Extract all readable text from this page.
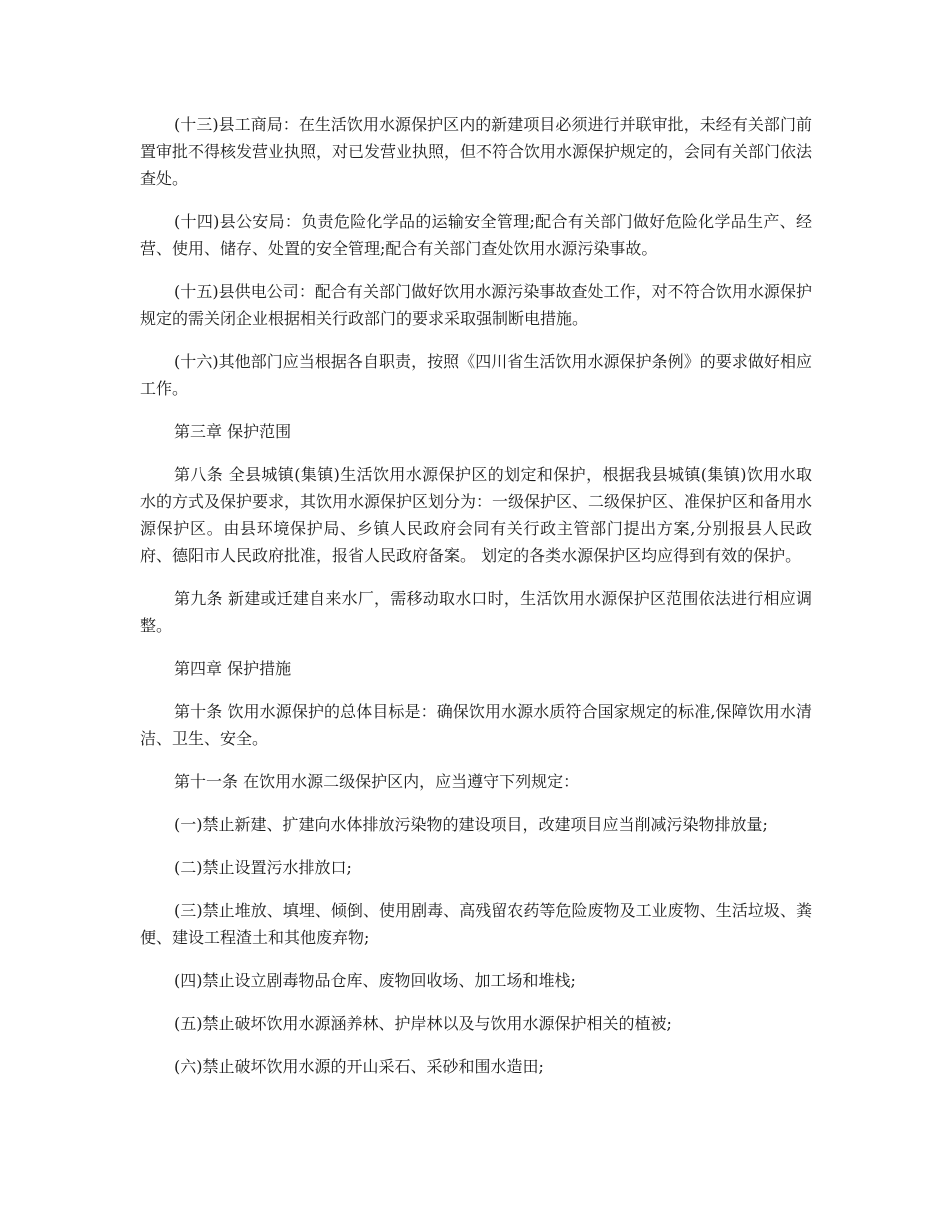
(十三)县工商局：在生活饮用水源保护区内的新建项目必须进行并联审批，未经有关部门前置审批不得核发营业执照，对已发营业执照，但不符合饮用水源保护规定的，会同有关部门依法查处。

(十四)县公安局：负责危险化学品的运输安全管理;配合有关部门做好危险化学品生产、经营、使用、储存、处置的安全管理;配合有关部门查处饮用水源污染事故。

(十五)县供电公司：配合有关部门做好饮用水源污染事故查处工作，对不符合饮用水源保护规定的需关闭企业根据相关行政部门的要求采取强制断电措施。

(十六)其他部门应当根据各自职责，按照《四川省生活饮用水源保护条例》的要求做好相应工作。

第三章 保护范围

第八条 全县城镇(集镇)生活饮用水源保护区的划定和保护，根据我县城镇(集镇)饮用水取水的方式及保护要求，其饮用水源保护区划分为：一级保护区、二级保护区、准保护区和备用水源保护区。由县环境保护局、乡镇人民政府会同有关行政主管部门提出方案,分别报县人民政府、德阳市人民政府批准，报省人民政府备案。 划定的各类水源保护区均应得到有效的保护。

第九条 新建或迁建自来水厂，需移动取水口时，生活饮用水源保护区范围依法进行相应调整。

第四章 保护措施

第十条 饮用水源保护的总体目标是：确保饮用水源水质符合国家规定的标准,保障饮用水清洁、卫生、安全。

第十一条 在饮用水源二级保护区内，应当遵守下列规定：

(一)禁止新建、扩建向水体排放污染物的建设项目，改建项目应当削减污染物排放量;

(二)禁止设置污水排放口;

(三)禁止堆放、填埋、倾倒、使用剧毒、高残留农药等危险废物及工业废物、生活垃圾、粪便、建设工程渣土和其他废弃物;

(四)禁止设立剧毒物品仓库、废物回收场、加工场和堆栈;

(五)禁止破坏饮用水源涵养林、护岸林以及与饮用水源保护相关的植被;

(六)禁止破坏饮用水源的开山采石、采砂和围水造田;
